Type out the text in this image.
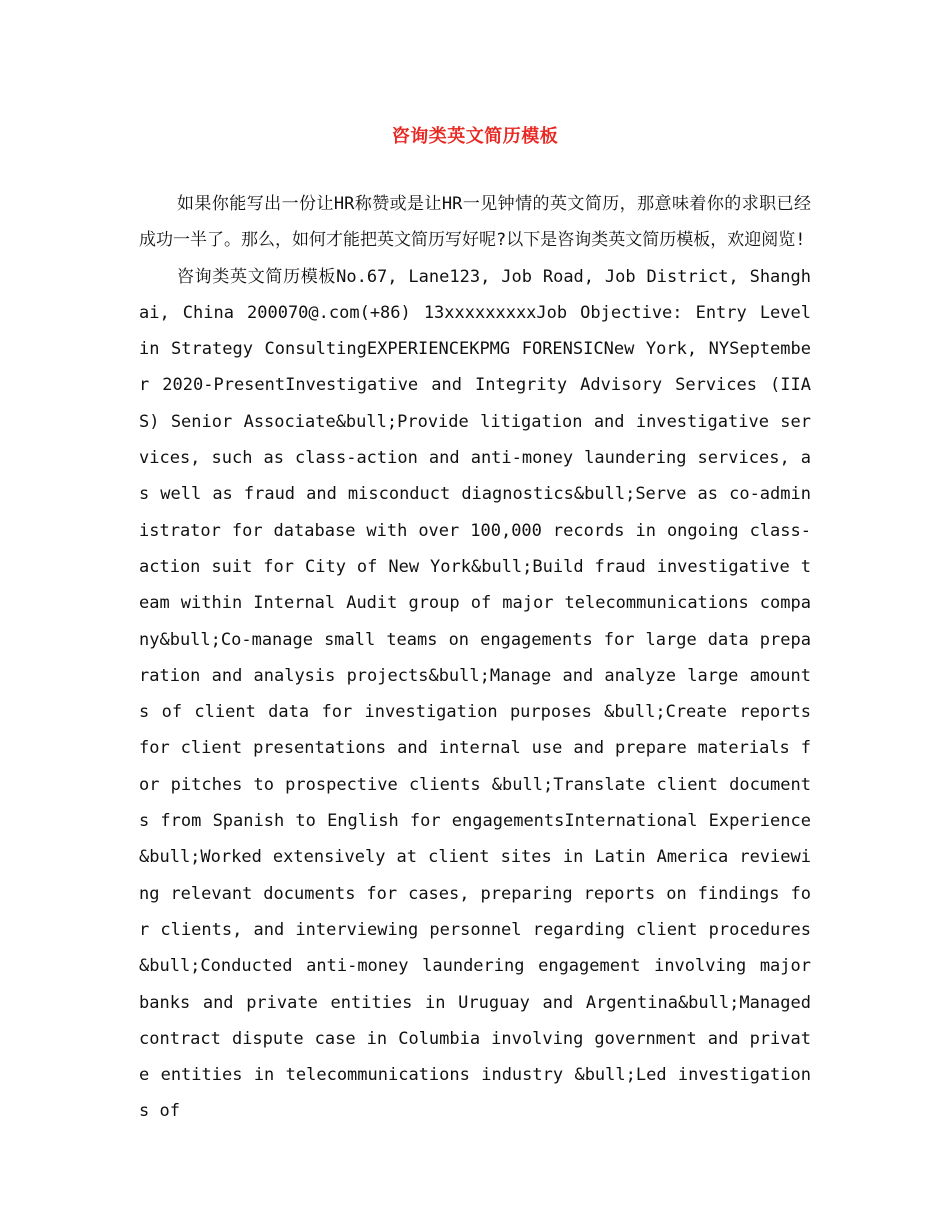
咨询类英文简历模板

如果你能写出一份让HR称赞或是让HR一见钟情的英文简历，那意味着你的求职已经成功一半了。那么，如何才能把英文简历写好呢?以下是咨询类英文简历模板，欢迎阅览!

咨询类英文简历模板No.67, Lane123, Job Road, Job District, Shanghai, China 200070@.com(+86) 13xxxxxxxxxJob Objective: Entry Level in Strategy ConsultingEXPERIENCEKPMG FORENSICNew York, NYSeptember 2020-PresentInvestigative and Integrity Advisory Services (IIAS) Senior Associate&bull;Provide litigation and investigative services, such as class-action and anti-money laundering services, as well as fraud and misconduct diagnostics&bull;Serve as co-administrator for database with over 100,000 records in ongoing class-action suit for City of New York&bull;Build fraud investigative team within Internal Audit group of major telecommunications company&bull;Co-manage small teams on engagements for large data preparation and analysis projects&bull;Manage and analyze large amounts of client data for investigation purposes &bull;Create reports for client presentations and internal use and prepare materials for pitches to prospective clients &bull;Translate client documents from Spanish to English for engagementsInternational Experience&bull;Worked extensively at client sites in Latin America reviewing relevant documents for cases, preparing reports on findings for clients, and interviewing personnel regarding client procedures&bull;Conducted anti-money laundering engagement involving major banks and private entities in Uruguay and Argentina&bull;Managed contract dispute case in Columbia involving government and private entities in telecommunications industry &bull;Led investigations of
